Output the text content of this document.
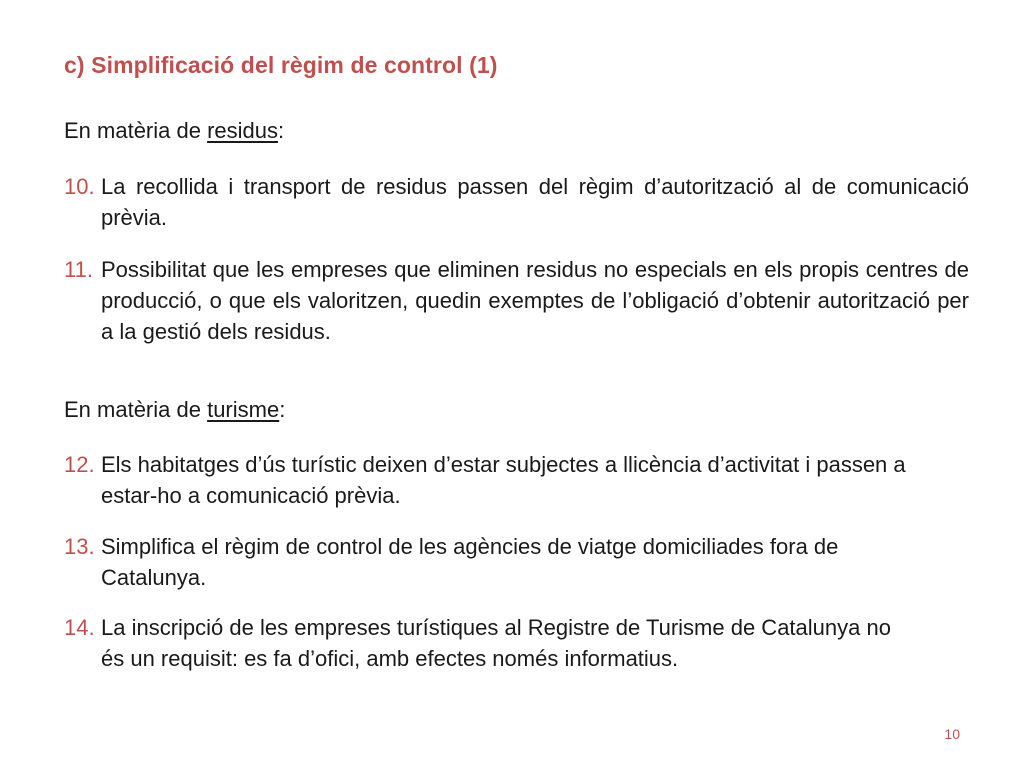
c) Simplificació del règim de control (1)
En matèria de residus:
10. La recollida i transport de residus passen del règim d’autorització al de comunicació prèvia.
11. Possibilitat que les empreses que eliminen residus no especials en els propis centres de producció, o que els valoritzen, quedin exemptes de l’obligació d’obtenir autorització per a la gestió dels residus.
En matèria de turisme:
12. Els habitatges d’ús turístic deixen d’estar subjectes a llicència d’activitat i passen a estar-ho a comunicació prèvia.
13. Simplifica el règim de control de les agències de viatge domiciliades fora de Catalunya.
14. La inscripció de les empreses turístiques al Registre de Turisme de Catalunya no és un requisit: es fa d’ofici, amb efectes només informatius.
10
